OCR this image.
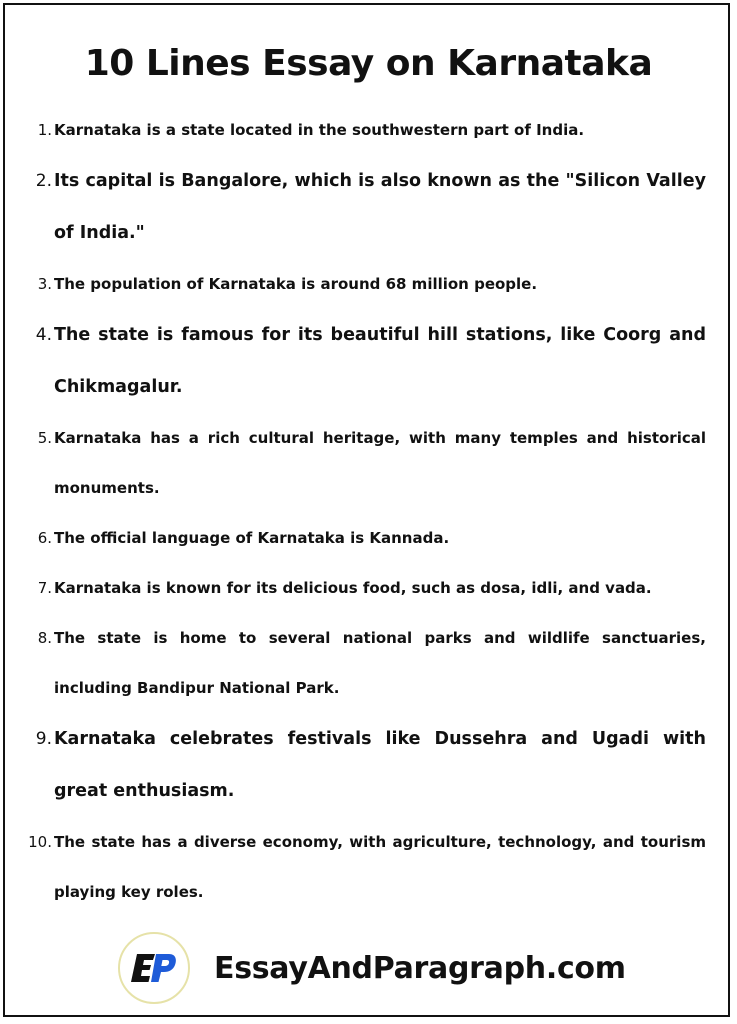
10 Lines Essay on Karnataka
1. Karnataka is a state located in the southwestern part of India.
2. Its capital is Bangalore, which is also known as the "Silicon Valley of India."
3. The population of Karnataka is around 68 million people.
4. The state is famous for its beautiful hill stations, like Coorg and Chikmagalur.
5. Karnataka has a rich cultural heritage, with many temples and historical monuments.
6. The official language of Karnataka is Kannada.
7. Karnataka is known for its delicious food, such as dosa, idli, and vada.
8. The state is home to several national parks and wildlife sanctuaries, including Bandipur National Park.
9. Karnataka celebrates festivals like Dussehra and Ugadi with great enthusiasm.
10. The state has a diverse economy, with agriculture, technology, and tourism playing key roles.
EssayAndParagraph.com
